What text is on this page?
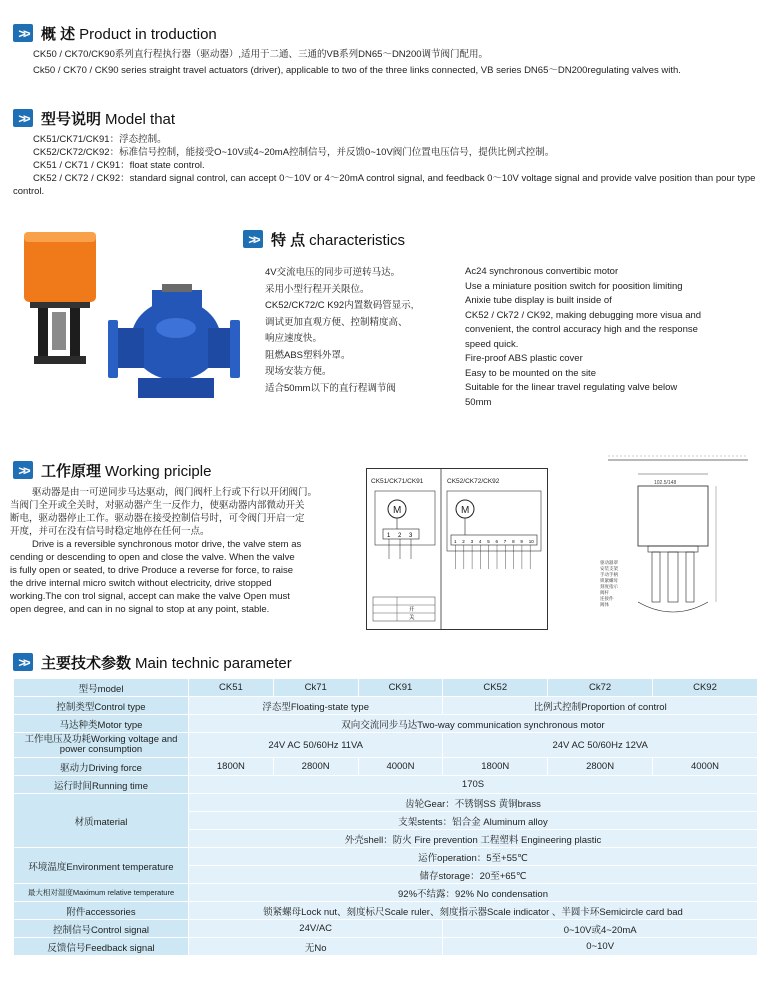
>> 概 述 Product in troduction

CK50 / CK70/CK90系列直行程执行器（驱动器）,适用于二通、三通的VB系列DN65～DN200调节阀门配用。

Ck50 / CK70 / CK90 series straight travel actuators (driver), applicable to two of the three links connected, VB series DN65～DN200regulating valves with.

>> 型号说明 Model that

CK51/CK71/CK91：浮态控制。

CK52/CK72/CK92：标准信号控制，能接受O~10V或4~20mA控制信号，并反馈0~10V阀门位置电压信号，提供比例式控制。

CK51 / CK71 / CK91：float state control.

CK52 / CK72 / CK92：standard signal control, can accept 0～10V or 4～20mA control signal, and feedback 0～10V voltage signal and provide valve position than pour type control.

>> 特 点 characteristics

4V交流电压的同步可逆转马达。

采用小型行程开关限位。

CK52/CK72/C K92内置数码管显示,

调试更加直观方便、控制精度高、

响应速度快。

阻燃ABS塑料外罩。

现场安装方便。

适合50mm以下的直行程调节阀

Ac24 synchronous convertibic motor

Use a miniature position switch for poosition limiting

Anixie tube display is built inside of

CK52 / Ck72 / CK92, making debugging more visua and

convenient, the control accuracy high and the response

speed quick.

Fire-proof ABS plastic cover

Easy to be mounted on the site

Suitable for the linear travel regulating valve below

50mm

>> 工作原理 Working priciple

驱动器是由一可逆同步马达驱动，阀门阀杆上行或下行以开闭阀门。

当阀门全开或全关时，对驱动器产生一反作力，使驱动器内部微动开关

断电，驱动器停止工作。驱动器在接受控制信号时，可令阀门开启一定

开度，并可在没有信号时稳定地停在任何一点。

Drive is a reversible synchronous motor drive, the valve stem as

cending or descending to open and close the valve. When the valve

is fully open or seated, to drive Produce a reverse for force, to raise

the drive internal micro switch without electricity, drive stopped

working.The con trol signal, accept can make the valve Open must

open degree, and can in no signal to stop at any point, stable.

CK51/CK71/CK91	CK52/CK72/CK92
M
1 2 3
开
关
M
1 2 3 4 5 6 7 8 9 10
102.5/148
驱动器罩
安装支架
手动手柄
锁紧螺母
刻度指示
阀杆
连接件
阀体
>> 主要技术参数 Main technic parameter
型号model	CK51	Ck71	CK91	CK52	Ck72	CK92
控制类型Control type	浮态型Floating-state type			比例式控制Proportion of control		
马达种类Motor type	双向交流同步马达Two-way communication synchronous motor					
工作电压及功耗Working voltage and power consumption	24V AC 50/60Hz 11VA			24V AC 50/60Hz 12VA		
驱动力Driving force	1800N	2800N	4000N	1800N	2800N	4000N
运行时间Running time	170S					
材质material	齿轮Gear：不锈钢SS 黄铜brass					
	支架stents：铝合金 Aluminum alloy					
	外壳shell：防火 Fire prevention 工程塑料 Engineering plastic					
环境温度Environment temperature	运作operation：5至+55℃					
	储存storage：20至+65℃					
最大相对湿度Maximum relative temperature	92%不结露：92% No condensation					
附件accessories	锁紧螺母Lock nut、刻度标尺Scale ruler、刻度指示器Scale indicator 、半圆卡环Semicircle card bad					
控制信号Control signal	24V/AC			0~10V或4~20mA		
反馈信号Feedback signal	无No			0~10V		
